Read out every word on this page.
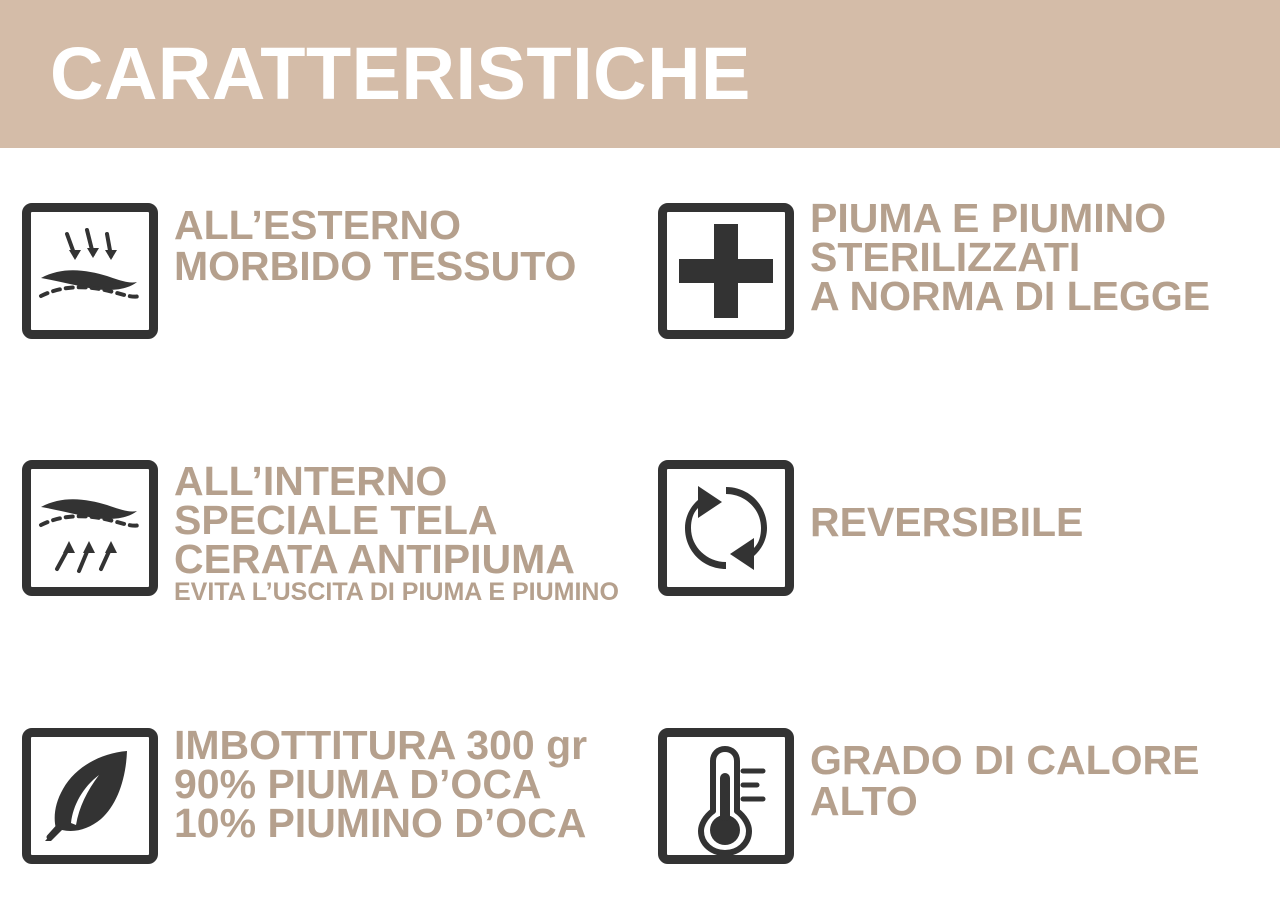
CARATTERISTICHE
ALL’ESTERNO
MORBIDO TESSUTO
PIUMA E PIUMINO
STERILIZZATI
A NORMA DI LEGGE
ALL’INTERNO
SPECIALE TELA
CERATA ANTIPIUMA
EVITA L’USCITA DI PIUMA E PIUMINO
REVERSIBILE
IMBOTTITURA 300 gr
90% PIUMA D’OCA
10% PIUMINO D’OCA
GRADO DI CALORE
ALTO
